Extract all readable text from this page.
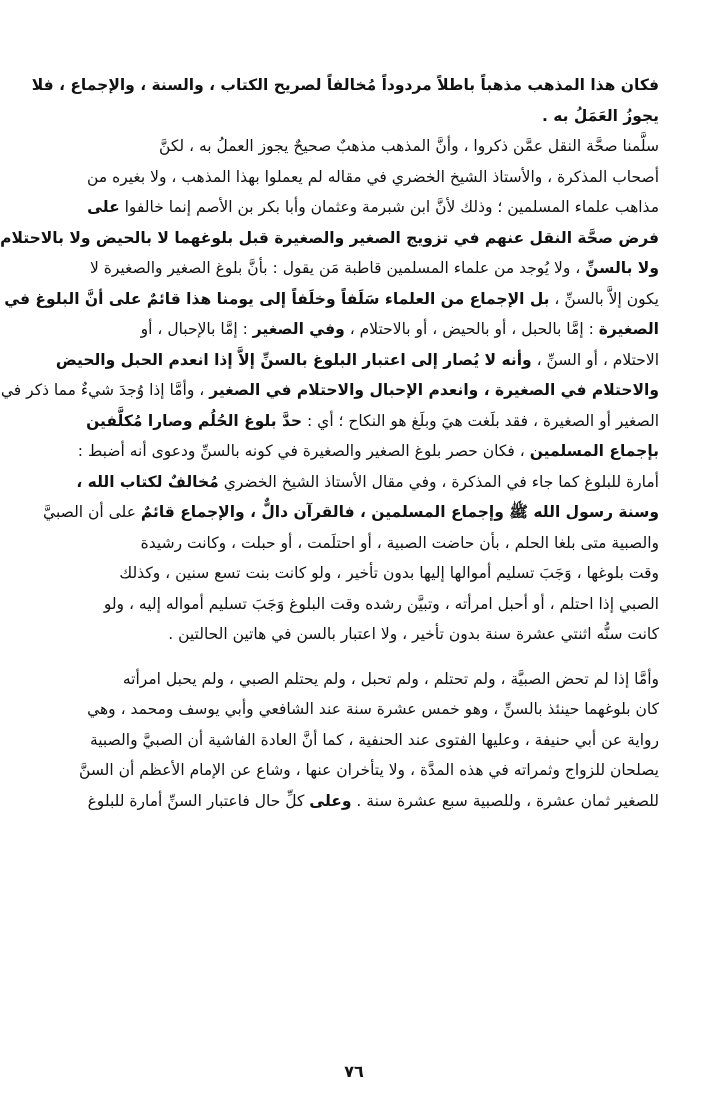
فكان هذا المذهب مذهباً باطلاً مردوداً مُخالفاً لصريح الكتاب ، والسنة ، والإجماع ، فلا
يجوزُ العَمَلُ به .
سلَّمنا صحَّة النقل عمَّن ذكروا ، وأنَّ المذهب مذهبٌ صحيحٌ يجوز العملُ به ، لكنَّ
أصحاب المذكرة ، والأستاذ الشيخ الخضري في مقاله لم يعملوا بهذا المذهب ، ولا بغيره من
مذاهب علماء المسلمين ؛ وذلك لأنَّ ابن شبرمة وعثمان وأبا بكر بن الأصم إنما خالفوا على
فرض صحَّة النقل عنهم في تزويج الصغير والصغيرة قبل بلوغهما لا بالحيض ولا بالاحتلام
ولا بالسنِّ ، ولا يُوجد من علماء المسلمين قاطبة مَن يقول : بأنَّ بلوغ الصغير والصغيرة لا
يكون إلاَّ بالسنِّ ، بل الإجماع من العلماء سَلَفاً وخلَفاً إلى يومنا هذا قائمٌ على أنَّ البلوغ في
الصغيرة : إمَّا بالحبل ، أو بالحيض ، أو بالاحتلام ، وفي الصغير : إمَّا بالإحبال ، أو
الاحتلام ، أو السنِّ ، وأنه لا يُصار إلى اعتبار البلوغ بالسنِّ إلاَّ إذا انعدم الحبل والحيض
والاحتلام في الصغيرة ، وانعدم الإحبال والاحتلام في الصغير ، وأمَّا إذا وُجدَ شيءٌ مما ذكر في
الصغير أو الصغيرة ، فقد بلَغت هيَ وبلَغ هو النكاح ؛ أي : حدَّ بلوغ الحُلُم وصارا مُكلَّفين
بإجماع المسلمين ، فكان حصر بلوغ الصغير والصغيرة في كونه بالسنِّ ودعوى أنه أضبط :
أمارة للبلوغ كما جاء في المذكرة ، وفي مقال الأستاذ الشيخ الخضري مُخالفٌ لكتاب الله ،
وسنة رسول الله ﷺ وإجماع المسلمين ، فالقرآن دالٌّ ، والإجماع قائمٌ على أن الصبيَّ
والصبية متى بلغا الحلم ، بأن حاضت الصبية ، أو احتلَمت ، أو حبلت ، وكانت رشيدة
وقت بلوغها ، وَجَبَ تسليم أموالها إليها بدون تأخير ، ولو كانت بنت تسع سنين ، وكذلك
الصبي إذا احتلم ، أو أحبل امرأته ، وتبيَّن رشده وقت البلوغ وَجَبَ تسليم أمواله إليه ، ولو
كانت سنُّه اثنتي عشرة سنة بدون تأخير ، ولا اعتبار بالسن في هاتين الحالتين .
وأمَّا إذا لم تحض الصبيَّة ، ولم تحتلم ، ولم تحبل ، ولم يحتلم الصبي ، ولم يحبل امرأته
كان بلوغهما حينئذ بالسنِّ ، وهو خمس عشرة سنة عند الشافعي وأبي يوسف ومحمد ، وهي
رواية عن أبي حنيفة ، وعليها الفتوى عند الحنفية ، كما أنَّ العادة الفاشية أن الصبيَّ والصبية
يصلحان للزواج وثمراته في هذه المدَّة ، ولا يتأخران عنها ، وشاع عن الإمام الأعظم أن السنَّ
للصغير ثمان عشرة ، وللصبية سبع عشرة سنة . وعلى كلِّ حال فاعتبار السنِّ أمارة للبلوغ
٧٦
